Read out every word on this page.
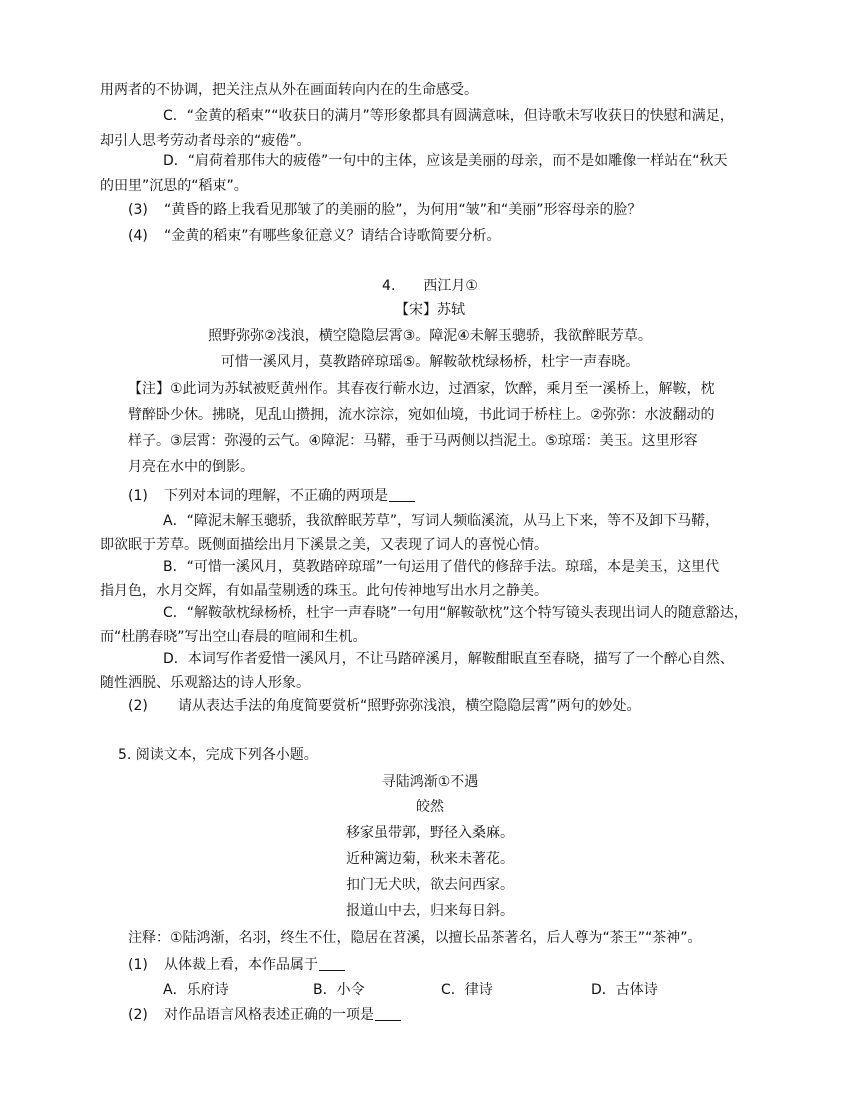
用两者的不协调，把关注点从外在画面转向内在的生命感受。
C．“金黄的稻束”“收获日的满月”等形象都具有圆满意味，但诗歌未写收获日的快慰和满足，
却引人思考劳动者母亲的“疲倦”。
D．“肩荷着那伟大的疲倦”一句中的主体，应该是美丽的母亲，而不是如雕像一样站在“秋天
的田里”沉思的“稻束”。
(3) “黄昏的路上我看见那皱了的美丽的脸”，为何用“皱”和“美丽”形容母亲的脸？
(4) “金黄的稻束”有哪些象征意义？请结合诗歌简要分析。
4.　　西江月①
【宋】苏轼
照野弥弥②浅浪，横空隐隐层霄③。障泥④未解玉骢骄，我欲醉眠芳草。
可惜一溪风月，莫教踏碎琼瑶⑤。解鞍欹枕绿杨桥，杜宇一声春晓。
【注】①此词为苏轼被贬黄州作。其春夜行蕲水边，过酒家，饮醉，乘月至一溪桥上，解鞍，枕
臂醉卧少休。拂晓，见乱山攒拥，流水淙淙，宛如仙境，书此词于桥柱上。②弥弥：水波翻动的
样子。③层霄：弥漫的云气。④障泥：马鞯，垂于马两侧以挡泥土。⑤琼瑶：美玉。这里形容
月亮在水中的倒影。
(1) 下列对本词的理解，不正确的两项是
A．“障泥未解玉骢骄，我欲醉眠芳草”，写词人频临溪流，从马上下来，等不及卸下马鞯，
即欲眠于芳草。既侧面描绘出月下溪景之美，又表现了词人的喜悦心情。
B．“可惜一溪风月，莫教踏碎琼瑶”一句运用了借代的修辞手法。琼瑶，本是美玉，这里代
指月色，水月交辉，有如晶莹剔透的珠玉。此句传神地写出水月之静美。
C．“解鞍欹枕绿杨桥，杜宇一声春晓”一句用“解鞍欹枕”这个特写镜头表现出词人的随意豁达，
而“杜鹃春晓”写出空山春晨的喧闹和生机。
D．本词写作者爱惜一溪风月，不让马踏碎溪月，解鞍酣眠直至春晓，描写了一个醉心自然、
随性洒脱、乐观豁达的诗人形象。
(2)　请从表达手法的角度简要赏析“照野弥弥浅浪，横空隐隐层霄”两句的妙处。
5. 阅读文本，完成下列各小题。
寻陆鸿渐①不遇
皎然
移家虽带郭，野径入桑麻。
近种篱边菊，秋来未著花。
扣门无犬吠，欲去问西家。
报道山中去，归来每日斜。
注释：①陆鸿渐，名羽，终生不仕，隐居在苕溪，以擅长品茶著名，后人尊为“茶王”“茶神”。
(1) 从体裁上看，本作品属于
A．乐府诗	B．小令	C．律诗	D．古体诗
(2) 对作品语言风格表述正确的一项是
